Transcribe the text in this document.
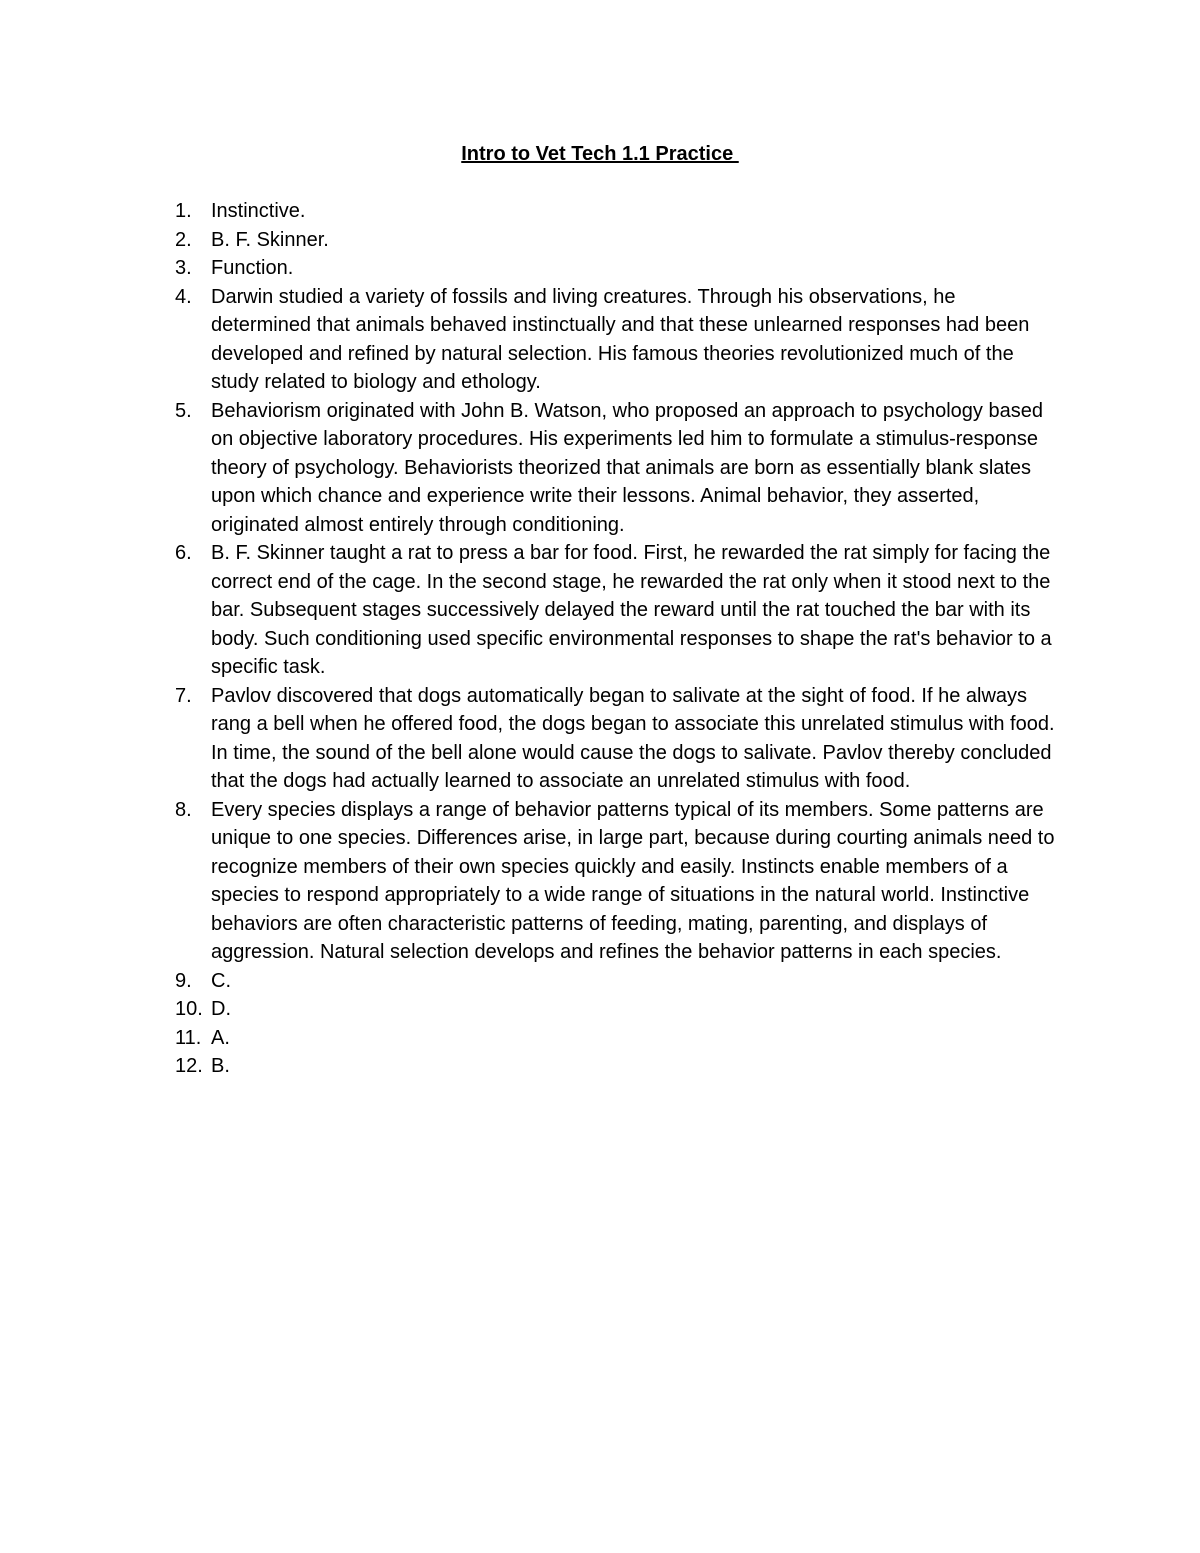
Intro to Vet Tech 1.1 Practice
1. Instinctive.
2. B. F. Skinner.
3. Function.
4. Darwin studied a variety of fossils and living creatures. Through his observations, he determined that animals behaved instinctually and that these unlearned responses had been developed and refined by natural selection. His famous theories revolutionized much of the study related to biology and ethology.
5. Behaviorism originated with John B. Watson, who proposed an approach to psychology based on objective laboratory procedures. His experiments led him to formulate a stimulus-response theory of psychology. Behaviorists theorized that animals are born as essentially blank slates upon which chance and experience write their lessons. Animal behavior, they asserted, originated almost entirely through conditioning.
6. B. F. Skinner taught a rat to press a bar for food. First, he rewarded the rat simply for facing the correct end of the cage. In the second stage, he rewarded the rat only when it stood next to the bar. Subsequent stages successively delayed the reward until the rat touched the bar with its body. Such conditioning used specific environmental responses to shape the rat's behavior to a specific task.
7. Pavlov discovered that dogs automatically began to salivate at the sight of food. If he always rang a bell when he offered food, the dogs began to associate this unrelated stimulus with food. In time, the sound of the bell alone would cause the dogs to salivate. Pavlov thereby concluded that the dogs had actually learned to associate an unrelated stimulus with food.
8. Every species displays a range of behavior patterns typical of its members. Some patterns are unique to one species. Differences arise, in large part, because during courting animals need to recognize members of their own species quickly and easily. Instincts enable members of a species to respond appropriately to a wide range of situations in the natural world. Instinctive behaviors are often characteristic patterns of feeding, mating, parenting, and displays of aggression. Natural selection develops and refines the behavior patterns in each species.
9. C.
10. D.
11. A.
12. B.
